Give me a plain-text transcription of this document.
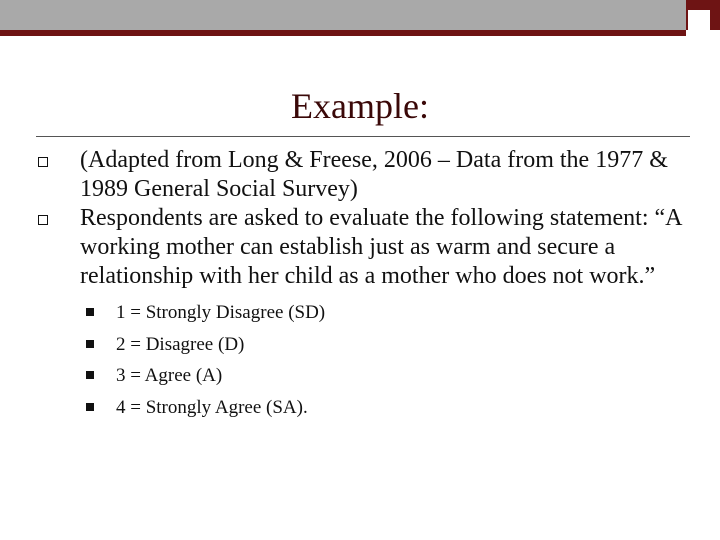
Example:
(Adapted from Long & Freese, 2006 – Data from the 1977 & 1989 General Social Survey)
Respondents are asked to evaluate the following statement: “A working mother can establish just as warm and secure a relationship with her child as a mother who does not work.”
1 = Strongly Disagree (SD)
2 = Disagree (D)
3 = Agree (A)
4 = Strongly Agree (SA).
